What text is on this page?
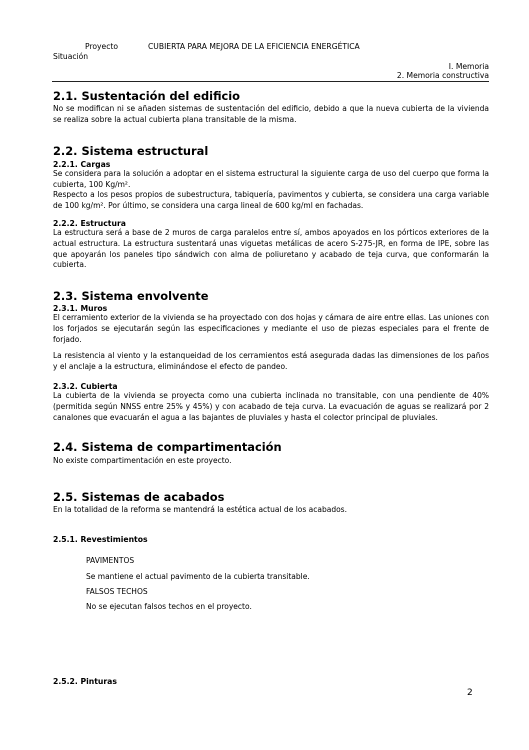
Proyecto
Situación
CUBIERTA PARA MEJORA DE LA EFICIENCIA ENERGÉTICA
I. Memoria
2. Memoria constructiva
2.1. Sustentación del edificio

No se modifican ni se añaden sistemas de sustentación del edificio, debido a que la nueva cubierta de la vivienda se realiza sobre la actual cubierta plana transitable de la misma.

2.2. Sistema estructural
2.2.1. Cargas

Se considera para la solución a adoptar en el sistema estructural la siguiente carga de uso del cuerpo que forma la cubierta, 100 Kg/m².

Respecto a los pesos propios de subestructura, tabiquería, pavimentos y cubierta, se considera una carga variable de 100 kg/m². Por último, se considera una carga lineal de 600 kg/ml en fachadas.

2.2.2. Estructura

La estructura será a base de 2 muros de carga paralelos entre sí, ambos apoyados en los pórticos exteriores de la actual estructura. La estructura sustentará unas viguetas metálicas de acero S-275-JR, en forma de IPE, sobre las que apoyarán los paneles tipo sándwich con alma de poliuretano y acabado de teja curva, que conformarán la cubierta.

2.3. Sistema envolvente
2.3.1. Muros

El cerramiento exterior de la vivienda se ha proyectado con dos hojas y cámara de aire entre ellas. Las uniones con los forjados se ejecutarán según las especificaciones y mediante el uso de piezas especiales para el frente de forjado.

La resistencia al viento y la estanqueidad de los cerramientos está asegurada dadas las dimensiones de los paños y el anclaje a la estructura, eliminándose el efecto de pandeo.

2.3.2. Cubierta

La cubierta de la vivienda se proyecta como una cubierta inclinada no transitable, con una pendiente de 40% (permitida según NNSS entre 25% y 45%) y con acabado de teja curva. La evacuación de aguas se realizará por 2 canalones que evacuarán el agua a las bajantes de pluviales y hasta el colector principal de pluviales.

2.4. Sistema de compartimentación

No existe compartimentación en este proyecto.

2.5. Sistemas de acabados

En la totalidad de la reforma se mantendrá la estética actual de los acabados.

2.5.1. Revestimientos
PAVIMENTOS
Se mantiene el actual pavimento de la cubierta transitable.
FALSOS TECHOS
No se ejecutan falsos techos en el proyecto.
2.5.2. Pinturas
2
